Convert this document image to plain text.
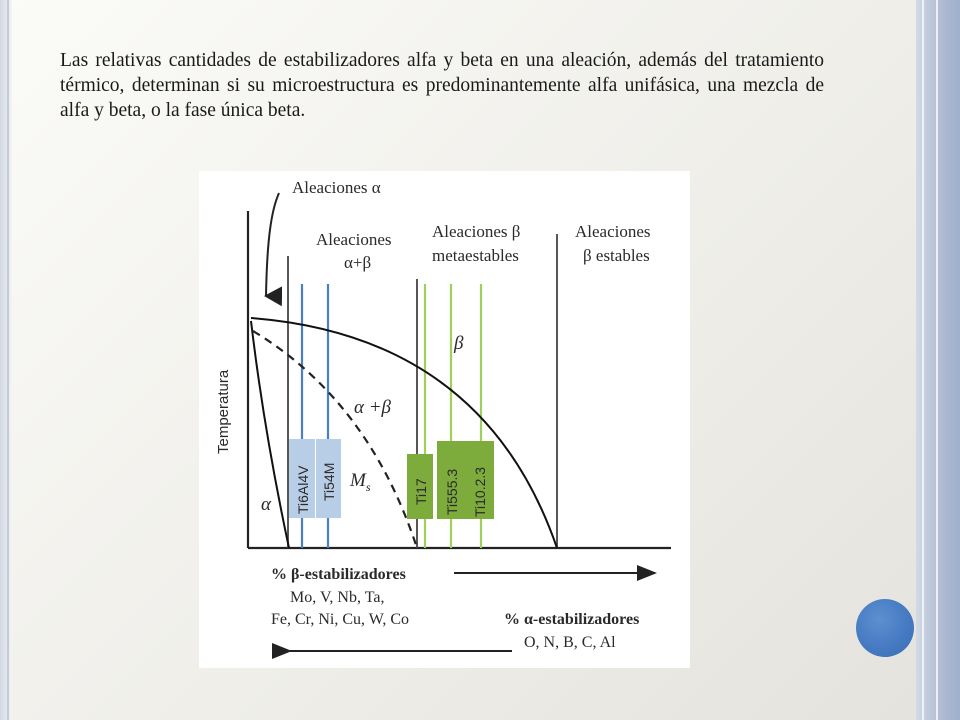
Las relativas cantidades de estabilizadores alfa y beta en una aleación, además del tratamiento térmico, determinan si su microestructura es predominantemente alfa unifásica, una mezcla de alfa y beta, o la fase única beta.

Temperatura
Aleaciones α
Aleaciones
α+β
Aleaciones β
metaestables
Aleaciones
β estables
β
α +β
α
$M_s$
Ti6Al4V Ti54M	Ti17 Ti555.3 Ti10.2.3
% β-estabilizadores
Mo, V, Nb, Ta,
Fe, Cr, Ni, Cu, W, Co	% α-estabilizadores
O, N, B, C, Al
